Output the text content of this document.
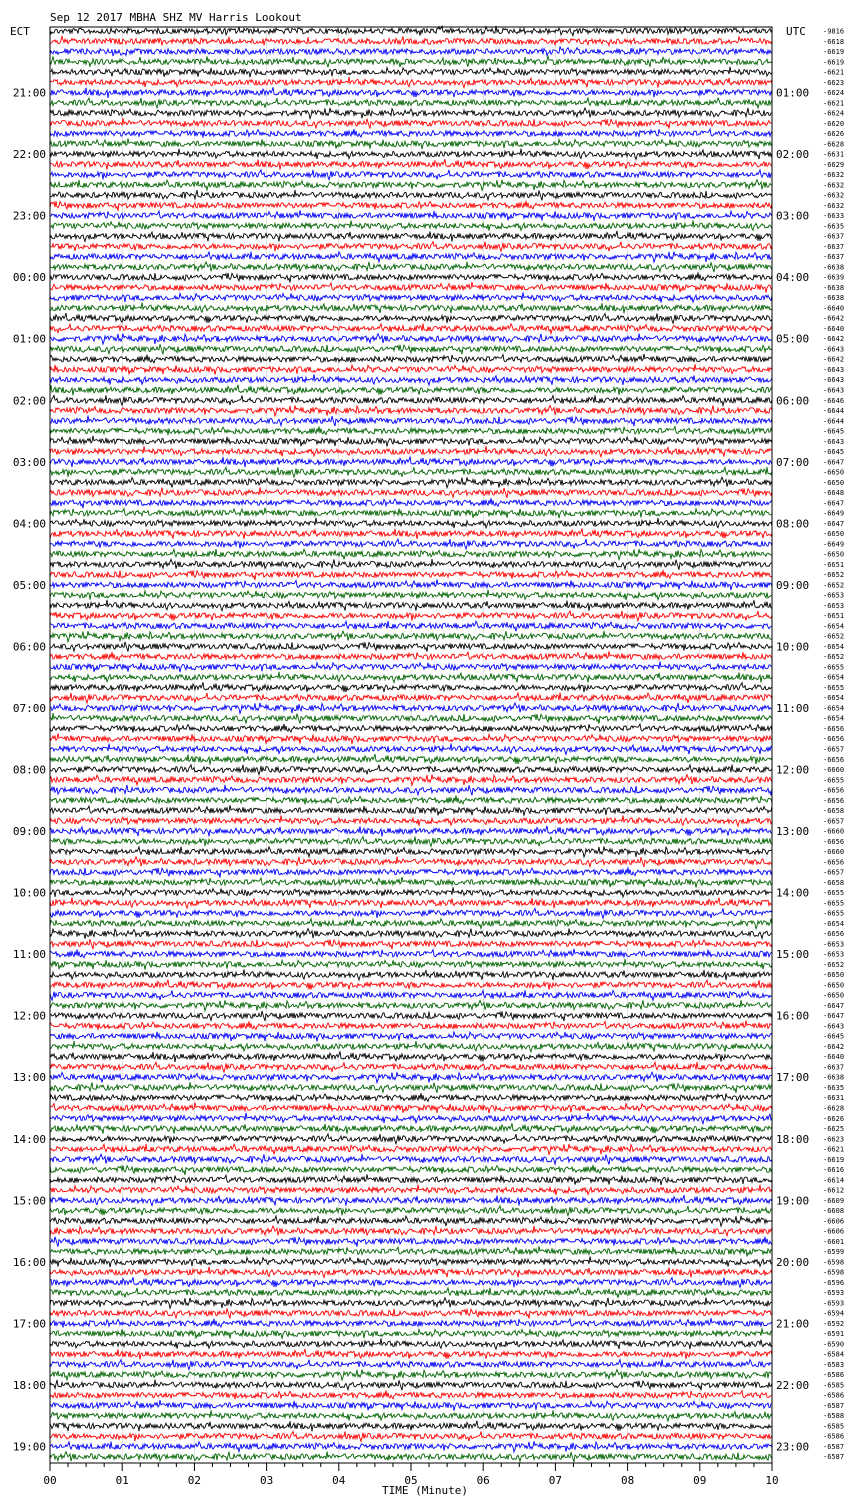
Sep 12 2017 MBHA SHZ MV Harris Lookout
ECT	UTC
21:00
22:00
23:00
00:00
01:00
02:00
03:00
04:00
05:00
06:00
07:00
08:00
09:00
10:00
11:00
12:00
13:00
14:00
15:00
16:00
17:00
18:00
19:00
01:00
02:00
03:00
04:00
05:00
06:00
07:00
08:00
09:00
10:00
11:00
12:00
13:00
14:00
15:00
16:00
17:00
18:00
19:00
20:00
21:00
22:00
23:00
-9816
-6618
-6619
-6619
-6621
-6623
-6624
-6621
-6624
-6620
-6626
-6628
-6631
-6629
-6632
-6632
-6632
-6632
-6633
-6635
-6637
-6637
-6637
-6638
-6639
-6638
-6638
-6640
-6642
-6640
-6642
-6643
-6642
-6643
-6643
-6643
-6646
-6644
-6644
-6645
-6643
-6645
-6647
-6650
-6650
-6648
-6647
-6649
-6647
-6650
-6649
-6650
-6651
-6652
-6652
-6653
-6653
-6651
-6654
-6652
-6654
-6652
-6655
-6654
-6655
-6654
-6654
-6654
-6656
-6656
-6657
-6656
-6660
-6655
-6656
-6656
-6658
-6657
-6660
-6656
-6660
-6656
-6657
-6658
-6655
-6655
-6655
-6654
-6656
-6653
-6653
-6652
-6650
-6650
-6650
-6647
-6647
-6643
-6645
-6642
-6640
-6637
-6638
-6635
-6631
-6628
-6626
-6625
-6623
-6621
-6619
-6616
-6614
-6612
-6609
-6608
-6606
-6606
-6601
-6599
-6598
-6598
-6596
-6593
-6593
-6594
-6592
-6591
-6590
-6584
-6583
-6586
-6585
-6586
-6587
-6588
-6585
-6586
-6587
-6587
00	01	02	03	04	05	06	07	08	09	10
TIME (Minute)
